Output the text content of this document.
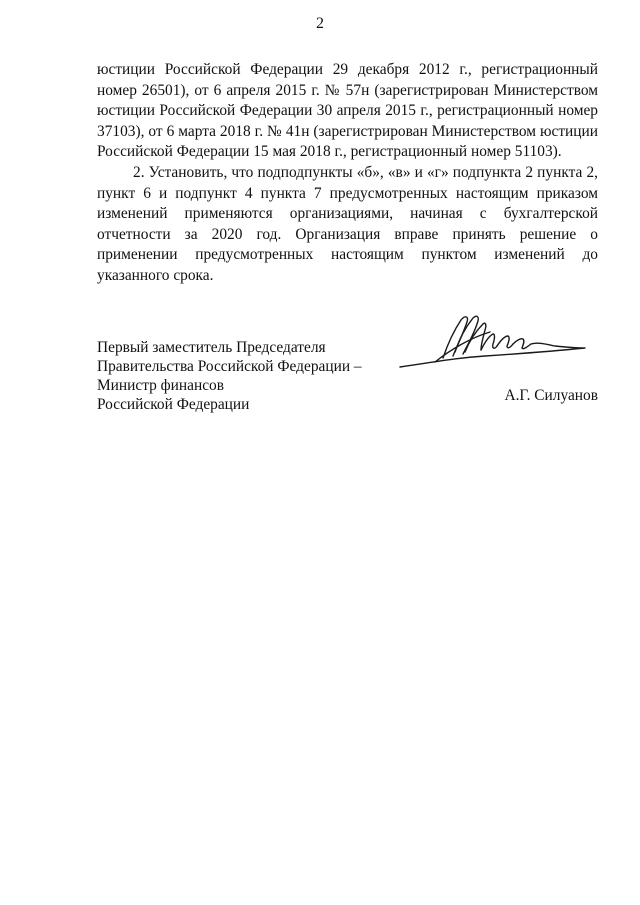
2

юстиции Российской Федерации 29 декабря 2012 г., регистрационный номер 26501), от 6 апреля 2015 г. № 57н (зарегистрирован Министерством юстиции Российской Федерации 30 апреля 2015 г., регистрационный номер 37103), от 6 марта 2018 г. № 41н (зарегистрирован Министерством юстиции Российской Федерации 15 мая 2018 г., регистрационный номер 51103).

2. Установить, что подподпункты «б», «в» и «г» подпункта 2 пункта 2, пункт 6 и подпункт 4 пункта 7 предусмотренных настоящим приказом изменений применяются организациями, начиная с бухгалтерской отчетности за 2020 год. Организация вправе принять решение о применении предусмотренных настоящим пунктом изменений до указанного срока.

Первый заместитель Председателя
Правительства Российской Федерации –
Министр финансов
Российской Федерации
А.Г. Силуанов
